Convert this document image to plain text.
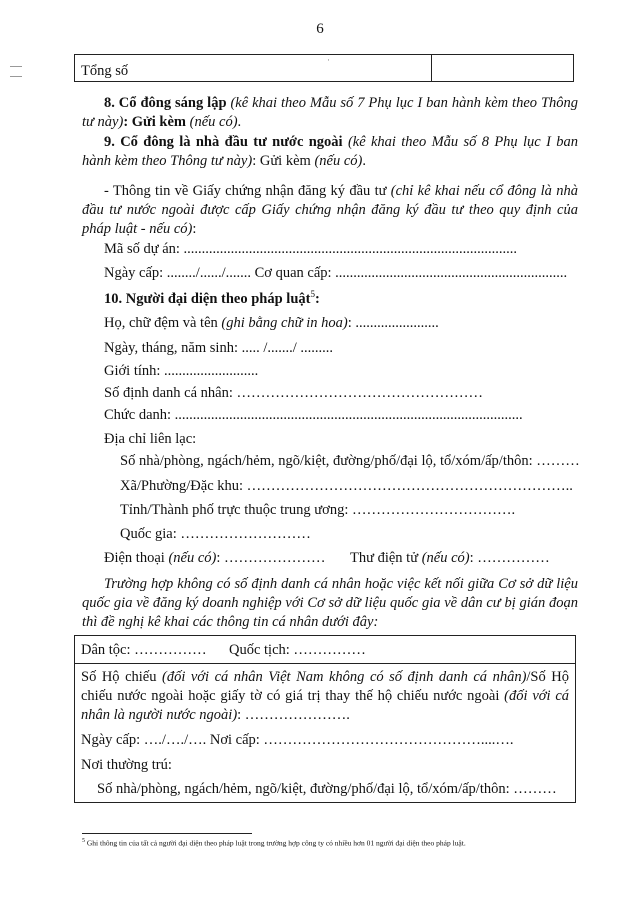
6
Tổng số
·
8. Cổ đông sáng lập (kê khai theo Mẫu số 7 Phụ lục I ban hành kèm theo Thông tư này): Gửi kèm (nếu có).
9. Cổ đông là nhà đầu tư nước ngoài (kê khai theo Mẫu số 8 Phụ lục I ban hành kèm theo Thông tư này): Gửi kèm (nếu có).
- Thông tin về Giấy chứng nhận đăng ký đầu tư (chỉ kê khai nếu cổ đông là nhà đầu tư nước ngoài được cấp Giấy chứng nhận đăng ký đầu tư theo quy định của pháp luật - nếu có):
Mã số dự án: ............................................................................................
Ngày cấp: ......../....../....... Cơ quan cấp: ................................................................
10. Người đại diện theo pháp luật$^5$:
Họ, chữ đệm và tên (ghi bằng chữ in hoa): .......................
Ngày, tháng, năm sinh: ..... /......./ .........
Giới tính: ..........................
Số định danh cá nhân: ……………………………………………
Chức danh: ................................................................................................
Địa chỉ liên lạc:
Số nhà/phòng, ngách/hẻm, ngõ/kiệt, đường/phố/đại lộ, tổ/xóm/ấp/thôn: ………
Xã/Phường/Đặc khu: …………………………………………………………..
Tỉnh/Thành phố trực thuộc trung ương: …………………………….
Quốc gia: ………………………
Điện thoại (nếu có): ………………… Thư điện tử (nếu có): ……………
Trường hợp không có số định danh cá nhân hoặc việc kết nối giữa Cơ sở dữ liệu quốc gia về đăng ký doanh nghiệp với Cơ sở dữ liệu quốc gia về dân cư bị gián đoạn thì đề nghị kê khai các thông tin cá nhân dưới đây:
Dân tộc: …………… Quốc tịch: ……………
Số Hộ chiếu (đối với cá nhân Việt Nam không có số định danh cá nhân)/Số Hộ chiếu nước ngoài hoặc giấy tờ có giá trị thay thế hộ chiếu nước ngoài (đối với cá nhân là người nước ngoài): ………………….
Ngày cấp: …./…./…. Nơi cấp: ………………………………………....….
Nơi thường trú:
Số nhà/phòng, ngách/hẻm, ngõ/kiệt, đường/phố/đại lộ, tổ/xóm/ấp/thôn: ………
$^5$ Ghi thông tin của tất cả người đại diện theo pháp luật trong trường hợp công ty có nhiều hơn 01 người đại diện theo pháp luật.
